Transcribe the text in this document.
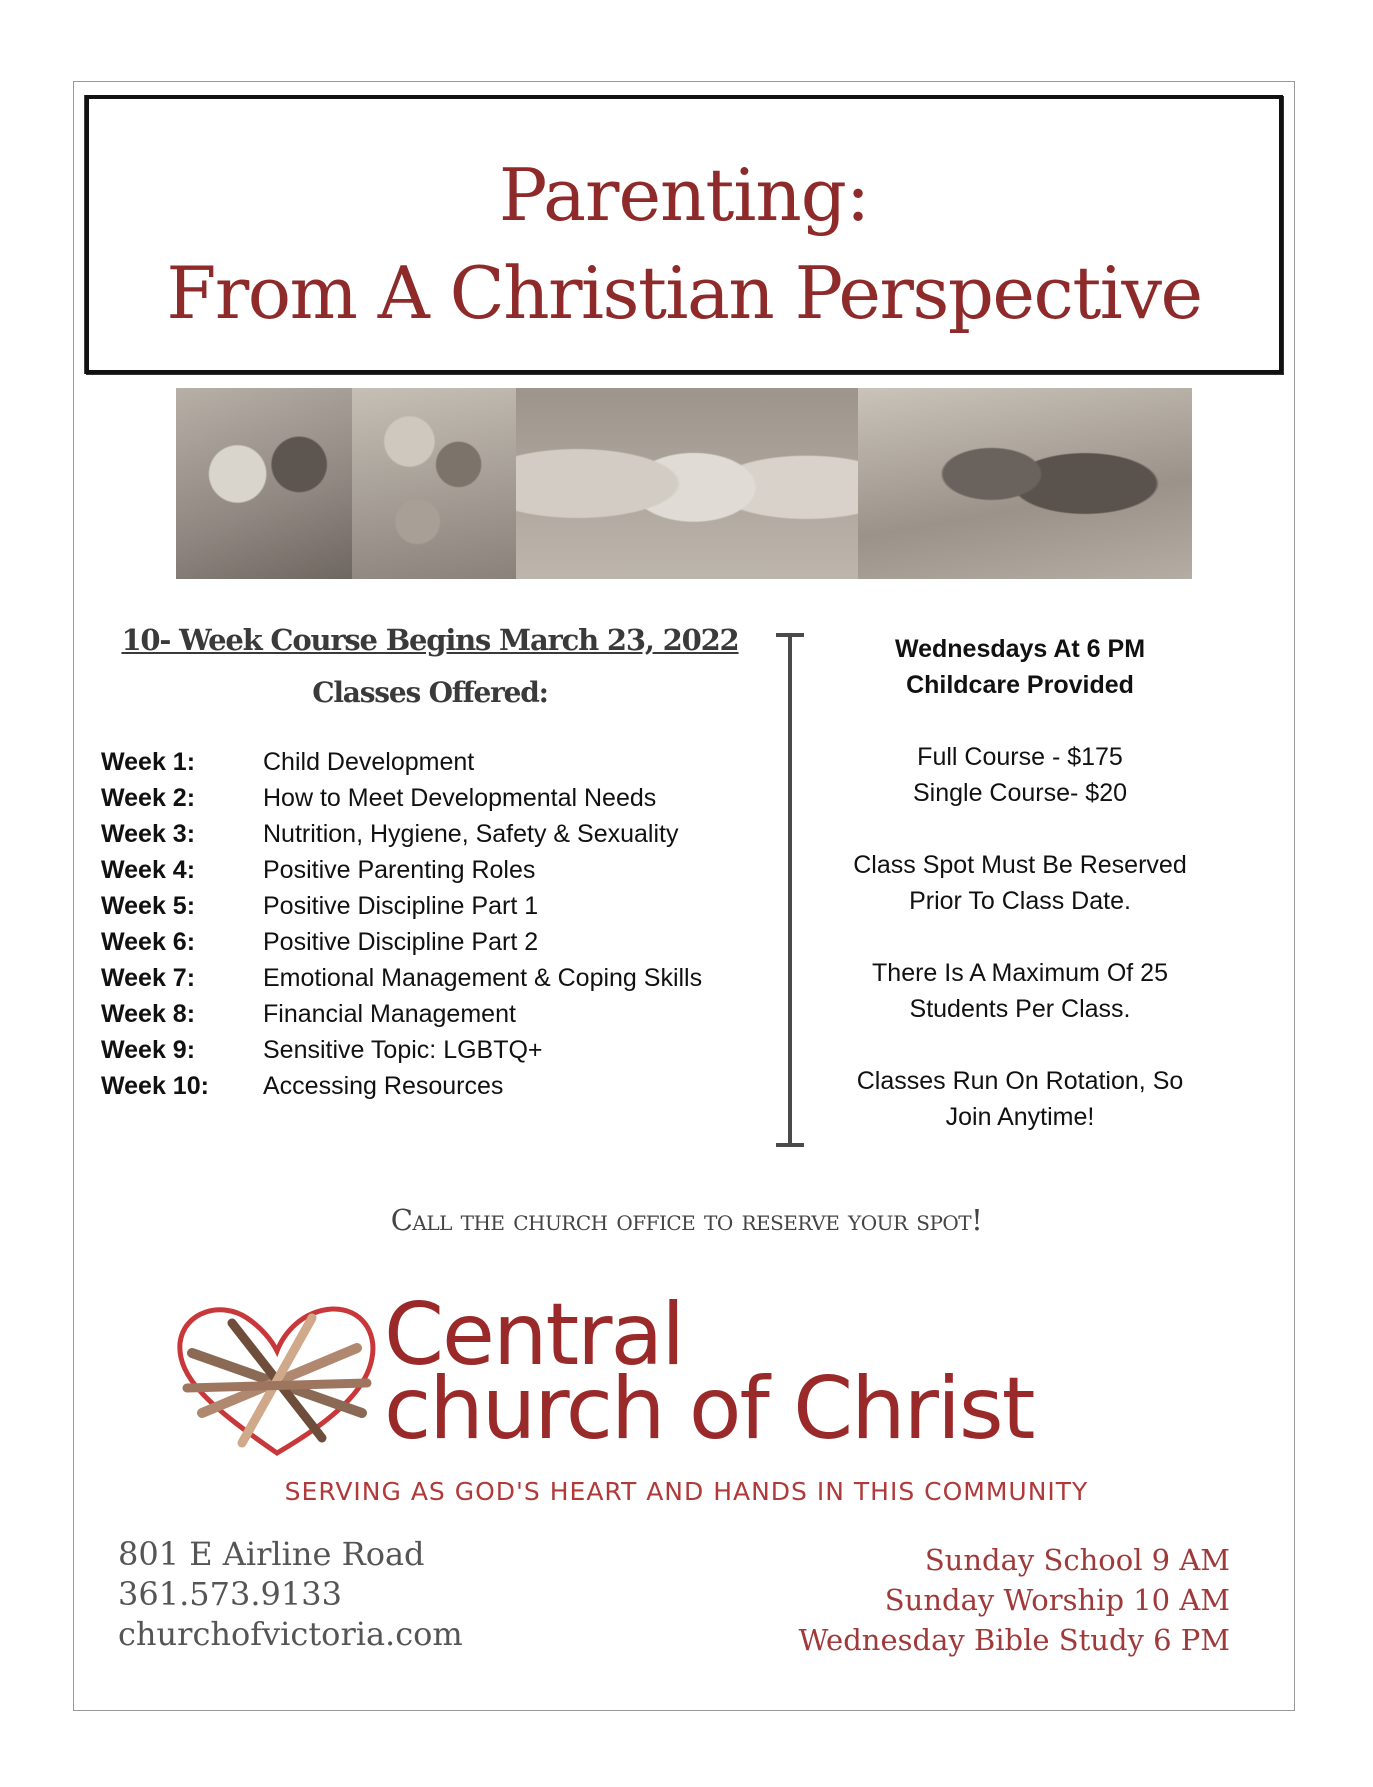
Parenting:
From A Christian Perspective
10- Week Course Begins March 23, 2022
Classes Offered:
Week 1:	Child Development
Week 2:	How to Meet Developmental Needs
Week 3:	Nutrition, Hygiene, Safety & Sexuality
Week 4:	Positive Parenting Roles
Week 5:	Positive Discipline Part 1
Week 6:	Positive Discipline Part 2
Week 7:	Emotional Management & Coping Skills
Week 8:	Financial Management
Week 9:	Sensitive Topic: LGBTQ+
Week 10:	Accessing Resources
Wednesdays At 6 PM
Childcare Provided
Full Course - $175
Single Course- $20
Class Spot Must Be Reserved
Prior To Class Date.
There Is A Maximum Of 25
Students Per Class.
Classes Run On Rotation, So
Join Anytime!
Call the church office to reserve your spot!
Central
church of Christ
SERVING AS GOD'S HEART AND HANDS IN THIS COMMUNITY
801 E Airline Road
361.573.9133
churchofvictoria.com
Sunday School 9 AM
Sunday Worship 10 AM
Wednesday Bible Study 6 PM
